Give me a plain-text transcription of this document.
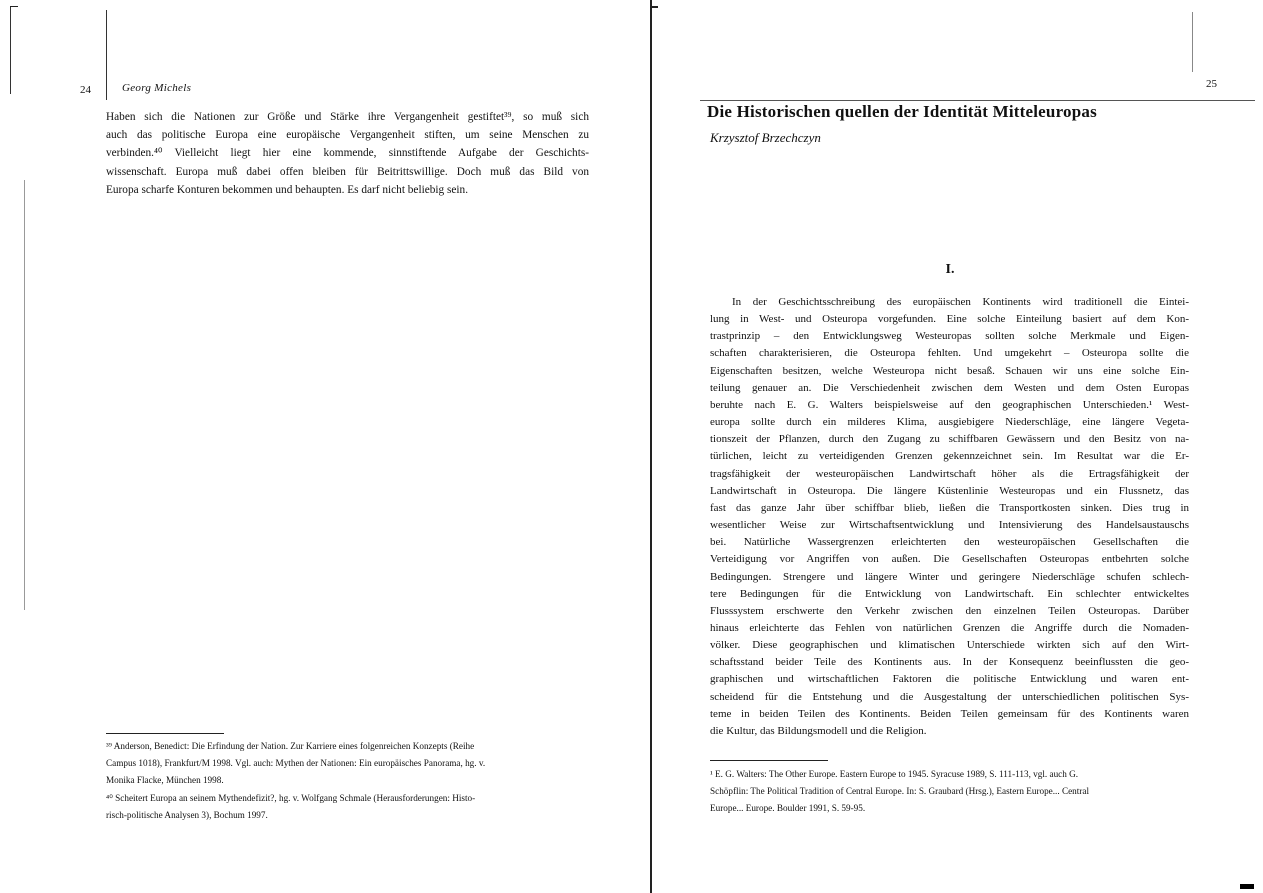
24	Georg Michels
Haben sich die Nationen zur Größe und Stärke ihre Vergangenheit gestiftet³⁹, so muß sich
auch das politische Europa eine europäische Vergangenheit stiften, um seine Menschen zu
verbinden.⁴⁰ Vielleicht liegt hier eine kommende, sinnstiftende Aufgabe der Geschichts-
wissenschaft. Europa muß dabei offen bleiben für Beitrittswillige. Doch muß das Bild von
Europa scharfe Konturen bekommen und behaupten. Es darf nicht beliebig sein.

³⁹ Anderson, Benedict: Die Erfindung der Nation. Zur Karriere eines folgenreichen Konzepts (Reihe
Campus 1018), Frankfurt/M 1998. Vgl. auch: Mythen der Nationen: Ein europäisches Panorama, hg. v.
Monika Flacke, München 1998.

⁴⁰ Scheitert Europa an seinem Mythendefizit?, hg. v. Wolfgang Schmale (Herausforderungen: Histo-
risch-politische Analysen 3), Bochum 1997.

25
Die Historischen quellen der Identität Mitteleuropas
Krzysztof Brzechczyn
I.
In der Geschichtsschreibung des europäischen Kontinents wird traditionell die Eintei-
lung in West- und Osteuropa vorgefunden. Eine solche Einteilung basiert auf dem Kon-
trastprinzip – den Entwicklungsweg Westeuropas sollten solche Merkmale und Eigen-
schaften charakterisieren, die Osteuropa fehlten. Und umgekehrt – Osteuropa sollte die
Eigenschaften besitzen, welche Westeuropa nicht besaß. Schauen wir uns eine solche Ein-
teilung genauer an. Die Verschiedenheit zwischen dem Westen und dem Osten Europas
beruhte nach E. G. Walters beispielsweise auf den geographischen Unterschieden.¹ West-
europa sollte durch ein milderes Klima, ausgiebigere Niederschläge, eine längere Vegeta-
tionszeit der Pflanzen, durch den Zugang zu schiffbaren Gewässern und den Besitz von na-
türlichen, leicht zu verteidigenden Grenzen gekennzeichnet sein. Im Resultat war die Er-
tragsfähigkeit der westeuropäischen Landwirtschaft höher als die Ertragsfähigkeit der
Landwirtschaft in Osteuropa. Die längere Küstenlinie Westeuropas und ein Flussnetz, das
fast das ganze Jahr über schiffbar blieb, ließen die Transportkosten sinken. Dies trug in
wesentlicher Weise zur Wirtschaftsentwicklung und Intensivierung des Handelsaustauschs
bei. Natürliche Wassergrenzen erleichterten den westeuropäischen Gesellschaften die
Verteidigung vor Angriffen von außen. Die Gesellschaften Osteuropas entbehrten solche
Bedingungen. Strengere und längere Winter und geringere Niederschläge schufen schlech-
tere Bedingungen für die Entwicklung von Landwirtschaft. Ein schlechter entwickeltes
Flusssystem erschwerte den Verkehr zwischen den einzelnen Teilen Osteuropas. Darüber
hinaus erleichterte das Fehlen von natürlichen Grenzen die Angriffe durch die Nomaden-
völker. Diese geographischen und klimatischen Unterschiede wirkten sich auf den Wirt-
schaftsstand beider Teile des Kontinents aus. In der Konsequenz beeinflussten die geo-
graphischen und wirtschaftlichen Faktoren die politische Entwicklung und waren ent-
scheidend für die Entstehung und die Ausgestaltung der unterschiedlichen politischen Sys-
teme in beiden Teilen des Kontinents. Beiden Teilen gemeinsam für des Kontinents waren
die Kultur, das Bildungsmodell und die Religion.

¹ E. G. Walters: The Other Europe. Eastern Europe to 1945. Syracuse 1989, S. 111-113, vgl. auch G.
Schöpflin: The Political Tradition of Central Europe. In: S. Graubard (Hrsg.), Eastern Europe... Central
Europe... Europe. Boulder 1991, S. 59-95.
